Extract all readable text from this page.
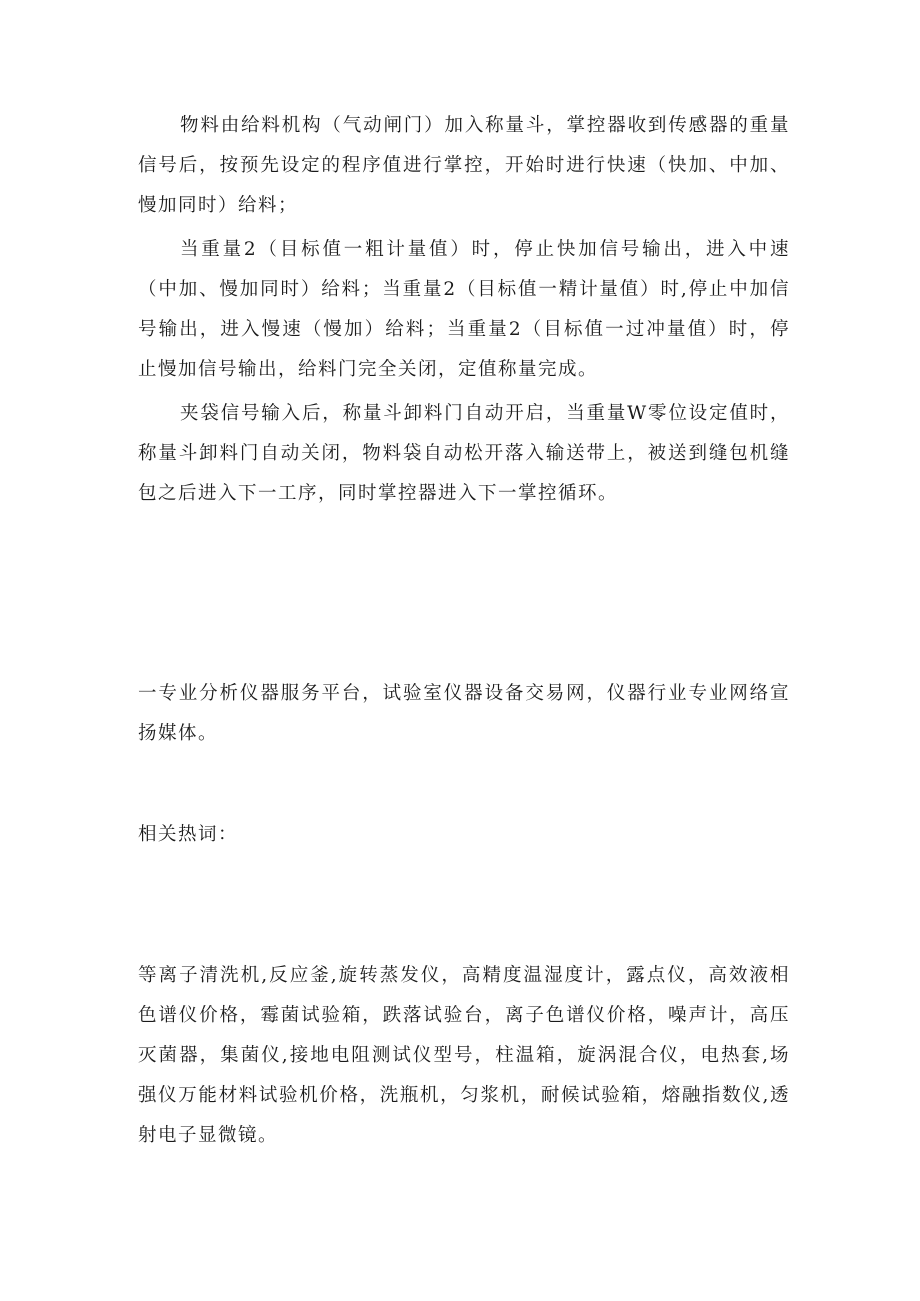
物料由给料机构（气动闸门）加入称量斗，掌控器收到传感器的重量信号后，按预先设定的程序值进行掌控，开始时进行快速（快加、中加、慢加同时）给料；

当重量2（目标值一粗计量值）时，停止快加信号输出，进入中速（中加、慢加同时）给料；当重量2（目标值一精计量值）时,停止中加信号输出，进入慢速（慢加）给料；当重量2（目标值一过冲量值）时，停止慢加信号输出，给料门完全关闭，定值称量完成。

夹袋信号输入后，称量斗卸料门自动开启，当重量W零位设定值时，称量斗卸料门自动关闭，物料袋自动松开落入输送带上，被送到缝包机缝包之后进入下一工序，同时掌控器进入下一掌控循环。

一专业分析仪器服务平台，试验室仪器设备交易网，仪器行业专业网络宣扬媒体。

相关热词：

等离子清洗机,反应釜,旋转蒸发仪，高精度温湿度计，露点仪，高效液相色谱仪价格，霉菌试验箱，跌落试验台，离子色谱仪价格，噪声计，高压灭菌器，集菌仪,接地电阻测试仪型号，柱温箱，旋涡混合仪，电热套,场强仪万能材料试验机价格，洗瓶机，匀浆机，耐候试验箱，熔融指数仪,透射电子显微镜。
